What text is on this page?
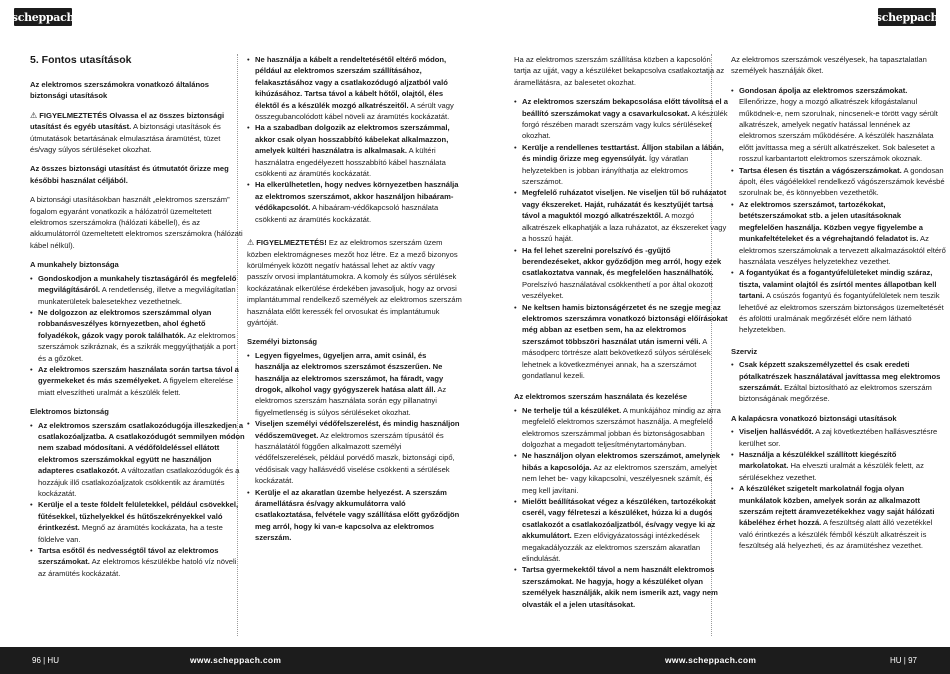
scheppach	scheppach
5. Fontos utasítások
Az elektromos szerszámokra vonatkozó általános biztonsági utasítások

⚠ FIGYELMEZTETÉS Olvassa el az összes biztonsági utasítást és egyéb utasítást. A biztonsági utasítások és útmutatások betartásának elmulasztása áramütést, tüzet és/vagy súlyos sérüléseket okozhat.

Az összes biztonsági utasítást és útmutatót őrizze meg későbbi használat céljából.

A biztonsági utasításokban használt „elektromos szerszám” fogalom egyaránt vonatkozik a hálózatról üzemeltetett elektromos szerszámokra (hálózati kábellel), és az akkumulátorról üzemeltetett elektromos szerszámokra (hálózati kábel nélkül).

A munkahely biztonsága
• Gondoskodjon a munkahely tisztaságáról és megfelelő megvilágításáról. A rendetlenség, illetve a megvilágítatlan munkaterületek balesetekhez vezethetnek.
• Ne dolgozzon az elektromos szerszámmal olyan robbanásveszélyes környezetben, ahol éghető folyadékok, gázok vagy porok találhatók. Az elektromos szerszámok szikráznak, és a szikrák meggyújthatják a port és a gőzöket.
• Az elektromos szerszám használata során tartsa távol a gyermekeket és más személyeket. A figyelem elterelése miatt elveszítheti uralmát a készülék felett.
Elektromos biztonság
• Az elektromos szerszám csatlakozódugója illeszkedjen a csatlakozóaljzatba. A csatlakozódugót semmilyen módon nem szabad módosítani. A védőföldeléssel ellátott elektromos szerszámokkal együtt ne használjon adapteres csatlakozót. A változatlan csatlakozódugók és a hozzájuk illő csatlakozóaljzatok csökkentik az áramütés kockázatát.
• Kerülje el a teste földelt felületekkel, például csövekkel, fűtésekkel, tűzhelyekkel és hűtőszekrényekkel való érintkezést. Megnő az áramütés kockázata, ha a teste földelve van.
• Tartsa esőtől és nedvességtől távol az elektromos szerszámokat. Az elektromos készülékbe hatoló víz növeli az áramütés kockázatát.
• Ne használja a kábelt a rendeltetésétől eltérő módon, például az elektromos szerszám szállításához, felakasztásához vagy a csatlakozódugó aljzatból való kihúzásához. Tartsa távol a kábelt hőtől, olajtól, éles élektől és a készülék mozgó alkatrészeitől. A sérült vagy összegubancolódott kábel növeli az áramütés kockázatát.
• Ha a szabadban dolgozik az elektromos szerszámmal, akkor csak olyan hosszabbító kábelekat alkalmazzon, amelyek kültéri használatra is alkalmasak. A kültéri használatra engedélyezett hosszabbító kábel használata csökkenti az áramütés kockázatát.
• Ha elkerülhetetlen, hogy nedves környezetben használja az elektromos szerszámot, akkor használjon hibaáram-védőkapcsolót. A hibaáram-védőkapcsoló használata csökkenti az áramütés kockázatát.

⚠ FIGYELMEZTETÉS! Ez az elektromos szerszám üzem közben elektromágneses mezőt hoz létre. Ez a mező bizonyos körülmények között negatív hatással lehet az aktív vagy passzív orvosi implantátumokra. A komoly és súlyos sérülések kockázatának elkerülése érdekében javasoljuk, hogy az orvosi implantátummal rendelkező személyek az elektromos szerszám használata előtt keressék fel orvosukat és implantátumuk gyártóját.

Személyi biztonság
• Legyen figyelmes, ügyeljen arra, amit csinál, és használja az elektromos szerszámot észszerűen. Ne használja az elektromos szerszámot, ha fáradt, vagy drogok, alkohol vagy gyógyszerek hatása alatt áll. Az elektromos szerszám használata során egy pillanatnyi figyelmetlenség is súlyos sérüléseket okozhat.
• Viseljen személyi védőfelszerelést, és mindig használjon védőszemüveget. Az elektromos szerszám típusától és használatától függően alkalmazott személyi védőfelszerelések, például porvédő maszk, biztonsági cipő, védősisak vagy hallásvédő viselése csökkenti a sérülések kockázatát.
• Kerülje el az akaratlan üzembe helyezést. A szerszám áramellátásra és/vagy akkumulátorra való csatlakoztatása, felvétele vagy szállítása előtt győződjön meg arról, hogy ki van-e kapcsolva az elektromos szerszám.

Ha az elektromos szerszám szállítása közben a kapcsolón tartja az ujját, vagy a készüléket bekapcsolva csatlakoztatja az áramellátásra, az balesetet okozhat.

• Az elektromos szerszám bekapcsolása előtt távolítsa el a beállító szerszámokat vagy a csavarkulcsokat. A készülék forgó részében maradt szerszám vagy kulcs sérüléseket okozhat.
• Kerülje a rendellenes testtartást. Álljon stabilan a lábán, és mindig őrizze meg egyensúlyát. Így váratlan helyzetekben is jobban irányíthatja az elektromos szerszámot.
• Megfelelő ruházatot viseljen. Ne viseljen tűl bő ruházatot vagy ékszereket. Haját, ruházatát és kesztyűjét tartsa távol a maguktól mozgó alkatrészektől. A mozgó alkatrészek elkaphatják a laza ruházatot, az ékszereket vagy a hosszú haját.
• Ha fel lehet szerelni porelszívó és -gyűjtő berendezéseket, akkor győződjön meg arról, hogy ezek csatlakoztatva vannak, és megfelelően használhatók. Porelszívó használatával csökkenthetí a por által okozott veszélyeket.
• Ne keltsen hamis biztonságérzetet és ne szegje meg az elektromos szerszámra vonatkozó biztonsági előírásokat még abban az esetben sem, ha az elektromos szerszámot többszöri használat után ismerni véli. A másodperc törtrésze alatt bekövetkező súlyos sérülések lehetnek a következményei annak, ha a szerszámot gondatlanul kezeli.
Az elektromos szerszám használata és kezelése
• Ne terhelje túl a készüléket. A munkájához mindig az arra megfelelő elektromos szerszámot használja. A megfelelő elektromos szerszámmal jobban és biztonságosabban dolgozhat a megadott teljesítménytartományban.
• Ne használjon olyan elektromos szerszámot, amelynek hibás a kapcsolója. Az az elektromos szerszám, amelyet nem lehet be- vagy kikapcsolni, veszélyesnek számít, és meg kell javítani.
• Mielőtt beállításokat végez a készüléken, tartozékokat cserél, vagy félreteszi a készüléket, húzza ki a dugós csatlakozót a csatlakozóaljzatból, és/vagy vegye ki az akkumulátort. Ezen elővigyázatossági intézkedések megakadályozzák az elektromos szerszám akaratlan elindulását.
• Tartsa gyermekektől távol a nem használt elektromos szerszámokat. Ne hagyja, hogy a készüléket olyan személyek használják, akik nem ismerik azt, vagy nem olvasták el a jelen utasításokat.

Az elektromos szerszámok veszélyesek, ha tapasztalatlan személyek használják őket.

• Gondosan ápolja az elektromos szerszámokat. Ellenőrizze, hogy a mozgó alkatrészek kifogástalanul működnek-e, nem szorulnak, nincsenek-e törött vagy sérült alkatrészek, amelyek negatív hatással lennének az elektromos szerszám működésére. A készülék használata előtt javíttassa meg a sérült alkatrészeket. Sok balesetet a rosszul karbantartott elektromos szerszámok okoznak.
• Tartsa élesen és tisztán a vágószerszámokat. A gondosan ápolt, éles vágóélekkel rendelkező vágószerszámok kevésbé szorulnak be, és könnyebben vezethetők.
• Az elektromos szerszámot, tartozékokat, betétszerszámokat stb. a jelen utasításoknak megfelelően használja. Közben vegye figyelembe a munkafeltételeket és a végrehajtandó feladatot is. Az elektromos szerszámoknak a tervezett alkalmazásoktól eltérő használata veszélyes helyzetekhez vezethet.
• A fogantyúkat és a fogantyúfelületeket mindig száraz, tiszta, valamint olajtól és zsírtól mentes állapotban kell tartani. A csúszós fogantyú és fogantyúfelületek nem teszik lehetővé az elektromos szerszám biztonságos üzemeltetését és afölötti uralmának megőrzését előre nem látható helyzetekben.
Szerviz
• Csak képzett szakszemélyzettel és csak eredeti pótalkatrészek használatával javíttassa meg elektromos szerszámát. Ezáltal biztosítható az elektromos szerszám biztonságának megőrzése.
A kalapácsra vonatkozó biztonsági utasítások
• Viseljen hallásvédőt. A zaj következtében hallásvesztésre kerülhet sor.
• Használja a készülékkel szállított kiegészítő markolatokat. Ha elveszti uralmát a készülék felett, az sérülésekhez vezethet.
• A készüléket szigetelt markolatnál fogja olyan munkálatok közben, amelyek során az alkalmazott szerszám rejtett áramvezetékekhez vagy saját hálózati kábeléhez érhet hozzá. A feszültség alatt álló vezetékkel való érintkezés a készülék fémből készült alkatrészeit is feszültség alá helyezheti, és az áramütéshez vezethet.
96 | HU	www.scheppach.com	www.scheppach.com	HU | 97
